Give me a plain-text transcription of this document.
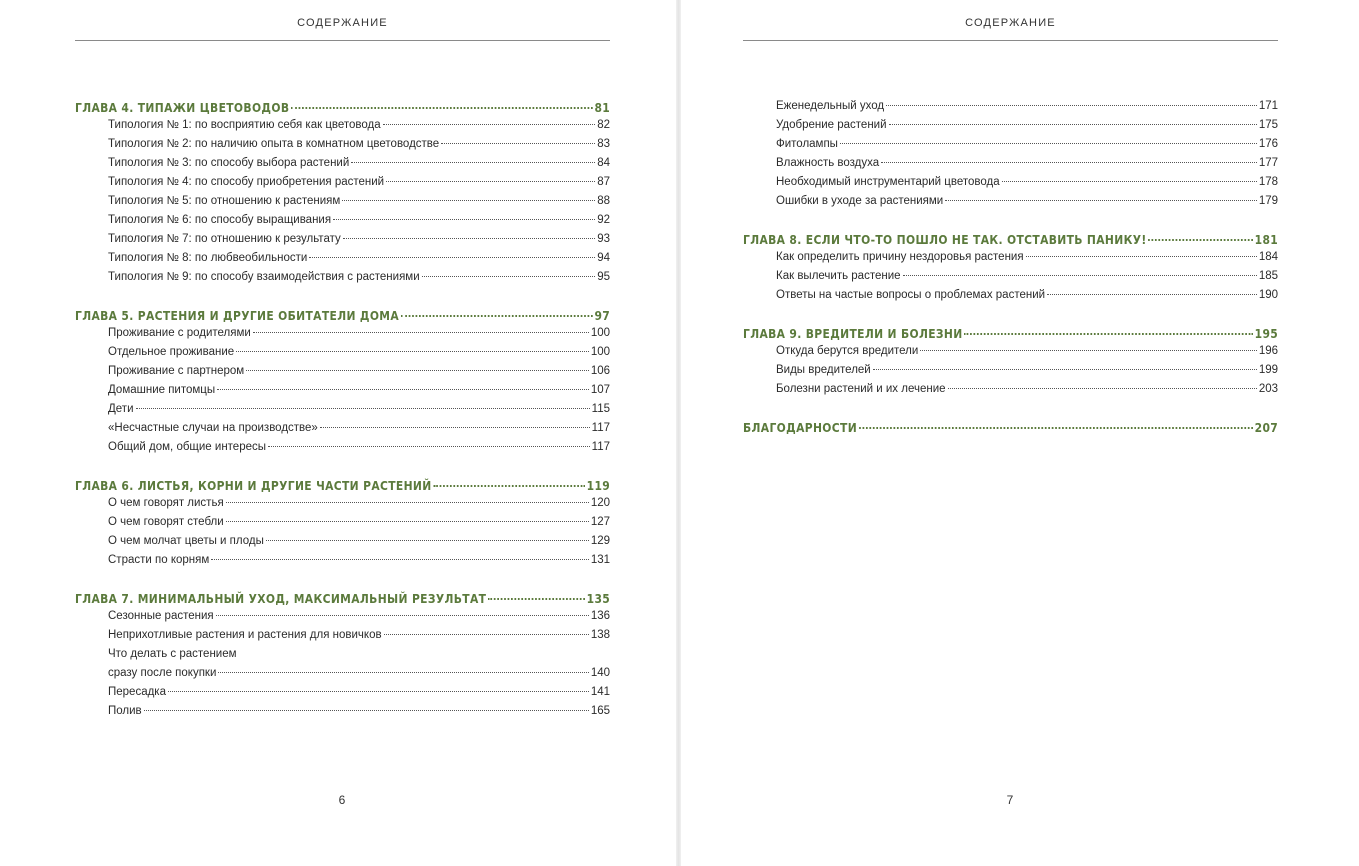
СОДЕРЖАНИЕ
ГЛАВА 4. ТИПАЖИ ЦВЕТОВОДОВ	81
Типология № 1: по восприятию себя как цветовода	82
Типология № 2: по наличию опыта в комнатном цветоводстве	83
Типология № 3: по способу выбора растений	84
Типология № 4: по способу приобретения растений	87
Типология № 5: по отношению к растениям	88
Типология № 6: по способу выращивания	92
Типология № 7: по отношению к результату	93
Типология № 8: по любвеобильности	94
Типология № 9: по способу взаимодействия с растениями	95
ГЛАВА 5. РАСТЕНИЯ И ДРУГИЕ ОБИТАТЕЛИ ДОМА	97
Проживание с родителями	100
Отдельное проживание	100
Проживание с партнером	106
Домашние питомцы	107
Дети	115
«Несчастные случаи на производстве»	117
Общий дом, общие интересы	117
ГЛАВА 6. ЛИСТЬЯ, КОРНИ И ДРУГИЕ ЧАСТИ РАСТЕНИЙ	119
О чем говорят листья	120
О чем говорят стебли	127
О чем молчат цветы и плоды	129
Страсти по корням	131
ГЛАВА 7. МИНИМАЛЬНЫЙ УХОД, МАКСИМАЛЬНЫЙ РЕЗУЛЬТАТ	135
Сезонные растения	136
Неприхотливые растения и растения для новичков	138
Что делать с растением
сразу после покупки	140
Пересадка	141
Полив	165
6
СОДЕРЖАНИЕ
Еженедельный уход	171
Удобрение растений	175
Фитолампы	176
Влажность воздуха	177
Необходимый инструментарий цветовода	178
Ошибки в уходе за растениями	179
ГЛАВА 8. ЕСЛИ ЧТО-ТО ПОШЛО НЕ ТАК. ОТСТАВИТЬ ПАНИКУ!	181
Как определить причину нездоровья растения	184
Как вылечить растение	185
Ответы на частые вопросы о проблемах растений	190
ГЛАВА 9. ВРЕДИТЕЛИ И БОЛЕЗНИ	195
Откуда берутся вредители	196
Виды вредителей	199
Болезни растений и их лечение	203
БЛАГОДАРНОСТИ	207
7
